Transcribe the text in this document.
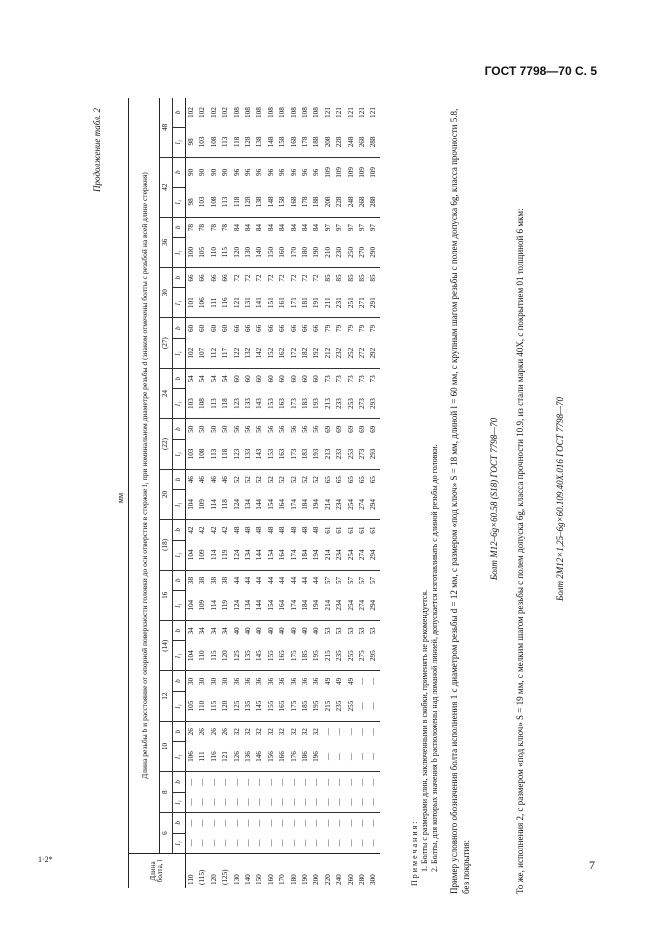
ГОСТ 7798—70 С. 5
1·2*	7
Продолжение табл. 2
мм
Длина болта, l	Длина резьбы b и расстояние от опорной поверхности головки до оси отверстия в стержне l₁ при номинальном диаметре резьбы d (знаком отмечены болты с резьбой на всей длине стержня)																													
	6		8		10		12		(14)		16		(18)		20		(22)		24		(27)		30		36		42		48	
	l₁	b	l₁	b	l₁	b	l₁	b	l₁	b	l₁	b	l₁	b	l₁	b	l₁	b	l₁	b	l₁	b	l₁	b	l₁	b	l₁	b	l₁	b
110	—	—	—	—	106	26	105	30	104	34	104	38	104	42	104	46	103	50	103	54	102	60	101	66	100	78	98	90	98	102
(115)	—	—	—	—	111	26	110	30	110	34	109	38	109	42	109	46	108	50	108	54	107	60	106	66	105	78	103	90	103	102
120	—	—	—	—	116	26	115	30	115	34	114	38	114	42	114	46	113	50	113	54	112	60	111	66	110	78	108	90	108	102
(125)	—	—	—	—	121	26	120	30	120	34	119	38	119	42	118	46	118	50	118	54	117	60	116	66	115	78	113	90	113	102
130	—	—	—	—	126	32	125	36	125	40	124	44	124	48	124	52	123	56	123	60	122	66	121	72	120	84	118	96	118	108
140	—	—	—	—	136	32	135	36	135	40	134	44	134	48	134	52	133	56	133	60	132	66	131	72	130	84	128	96	128	108
150	—	—	—	—	146	32	145	36	145	40	144	44	144	48	144	52	143	56	143	60	142	66	141	72	140	84	138	96	138	108
160	—	—	—	—	156	32	155	36	155	40	154	44	154	48	154	52	153	56	153	60	152	66	151	72	150	84	148	96	148	108
170	—	—	—	—	166	32	165	36	165	40	164	44	164	48	164	52	163	56	163	60	162	66	161	72	160	84	158	96	158	108
180	—	—	—	—	176	32	175	36	175	40	174	44	174	48	174	52	173	56	173	60	172	66	171	72	170	84	168	96	168	108
190	—	—	—	—	186	32	185	36	185	40	184	44	184	48	184	52	183	56	183	60	182	66	181	72	180	84	178	96	178	108
200	—	—	—	—	196	32	195	36	195	40	194	44	194	48	194	52	193	56	193	60	192	66	191	72	190	84	188	96	188	108
220	—	—	—	—	—	—	215	49	215	53	214	57	214	61	214	65	213	69	213	73	212	79	211	85	210	97	208	109	208	121
240	—	—	—	—	—	—	235	49	235	53	234	57	234	61	234	65	233	69	233	73	232	79	231	85	230	97	228	109	228	121
260	—	—	—	—	—	—	255	49	255	53	254	57	254	61	254	65	253	69	253	73	252	79	251	85	250	97	248	109	248	121
280	—	—	—	—	—	—	—	—	275	53	274	57	274	61	274	65	273	69	273	73	272	79	271	85	270	97	268	109	268	121
300	—	—	—	—	—	—	—	—	295	53	294	57	294	61	294	65	293	69	293	73	292	79	291	85	290	97	288	109	288	121
Примечания: 1. Болты с размерами длин, заключенными в скобки, применять не рекомендуется. 2. Болты, для которых значения b расположены над ломаной линией, допускается изготавливать с длиной резьбы до головки. Пример условного обозначения болта исполнения 1 с диаметром резьбы d = 12 мм, с размером «под ключ» S = 18 мм, длиной l = 60 мм, с крупным шагом резьбы с полем допуска 6g, класса прочности 5.8, без покрытия:
Болт М12–6g×60.58 (S18) ГОСТ 7798—70 То же, исполнения 2, с размером «под ключ» S = 19 мм, с мелким шагом резьбы с полем допуска 6g, класса прочности 10.9, из стали марки 40Х, с покрытием 01 толщиной 6 мкм:	Болт 2М12×1,25–6g×60.109.40Х.016 ГОСТ 7798—70
